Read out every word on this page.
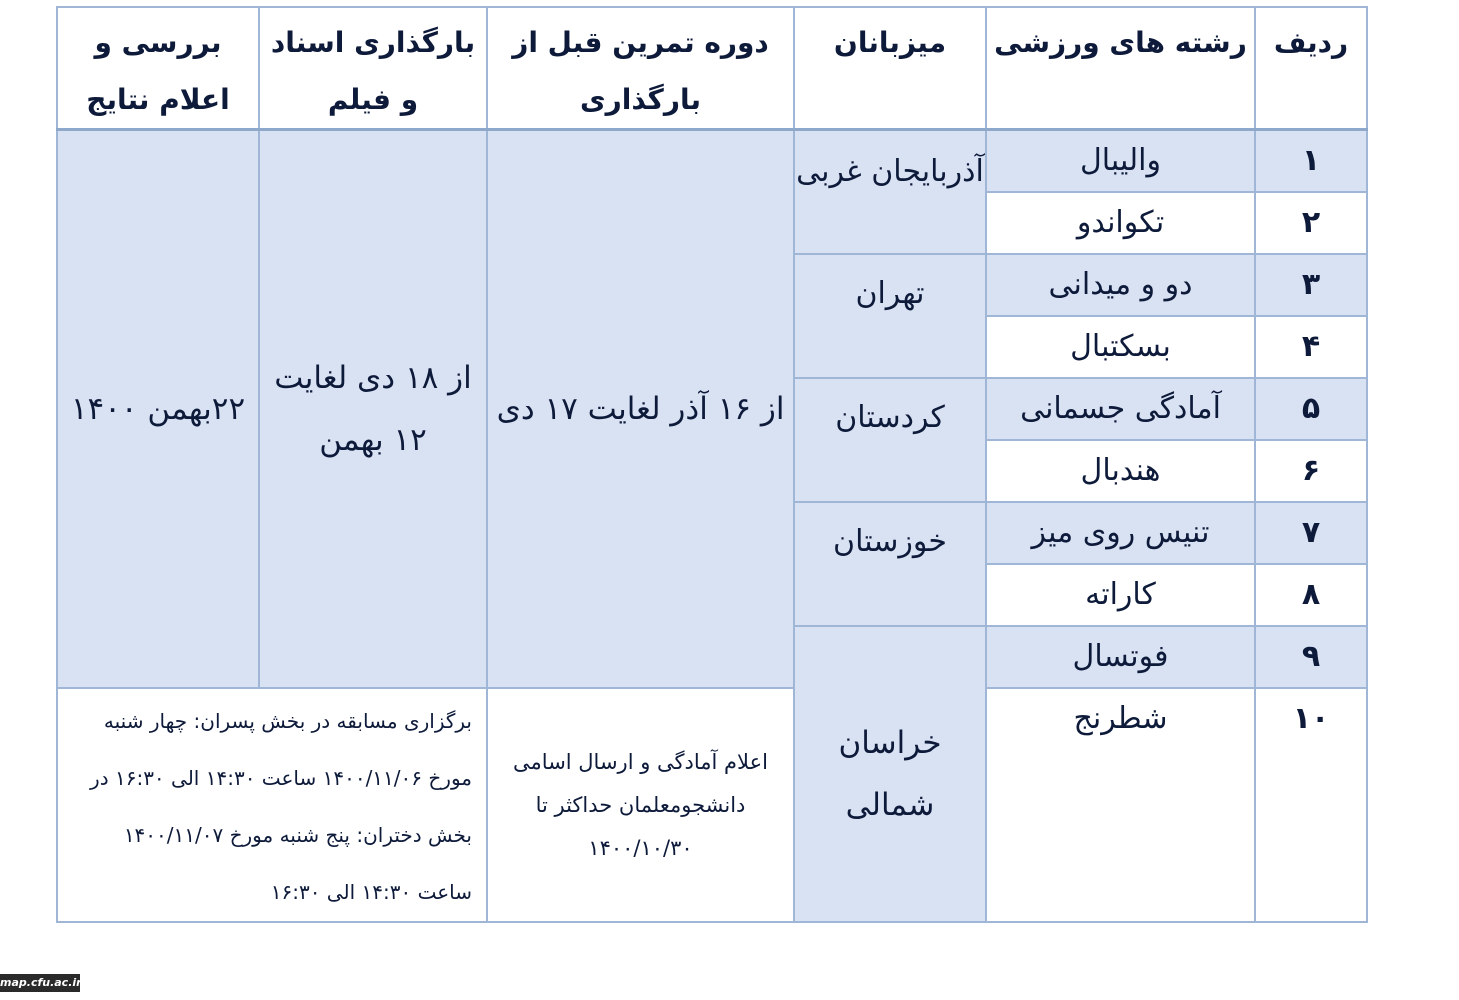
بررسی و اعلام نتایج	بارگذاری اسناد و فیلم	دوره تمرین قبل از بارگذاری	میزبانان	رشته های ورزشی	ردیف
۲۲بهمن ۱۴۰۰	از ۱۸ دی لغایت ۱۲ بهمن	از ۱۶ آذر لغایت ۱۷ دی	آذربایجان غربی	والیبال	۱
				تکواندو	۲
			تهران	دو و میدانی	۳
				بسکتبال	۴
			کردستان	آمادگی جسمانی	۵
				هندبال	۶
			خوزستان	تنیس روی میز	۷
				کاراته	۸
			خراسان شمالی	فوتسال	۹
برگزاری مسابقه در بخش پسران: چهار شنبه مورخ ۱۴۰۰/۱۱/۰۶ ساعت ۱۴:۳۰ الی ۱۶:۳۰ در بخش دختران: پنج شنبه مورخ ۱۴۰۰/۱۱/۰۷ ساعت ۱۴:۳۰ الی ۱۶:۳۰		اعلام آمادگی و ارسال اسامی دانشجومعلمان حداکثر تا ۱۴۰۰/۱۰/۳۰		شطرنج	۱۰
map.cfu.ac.ir
